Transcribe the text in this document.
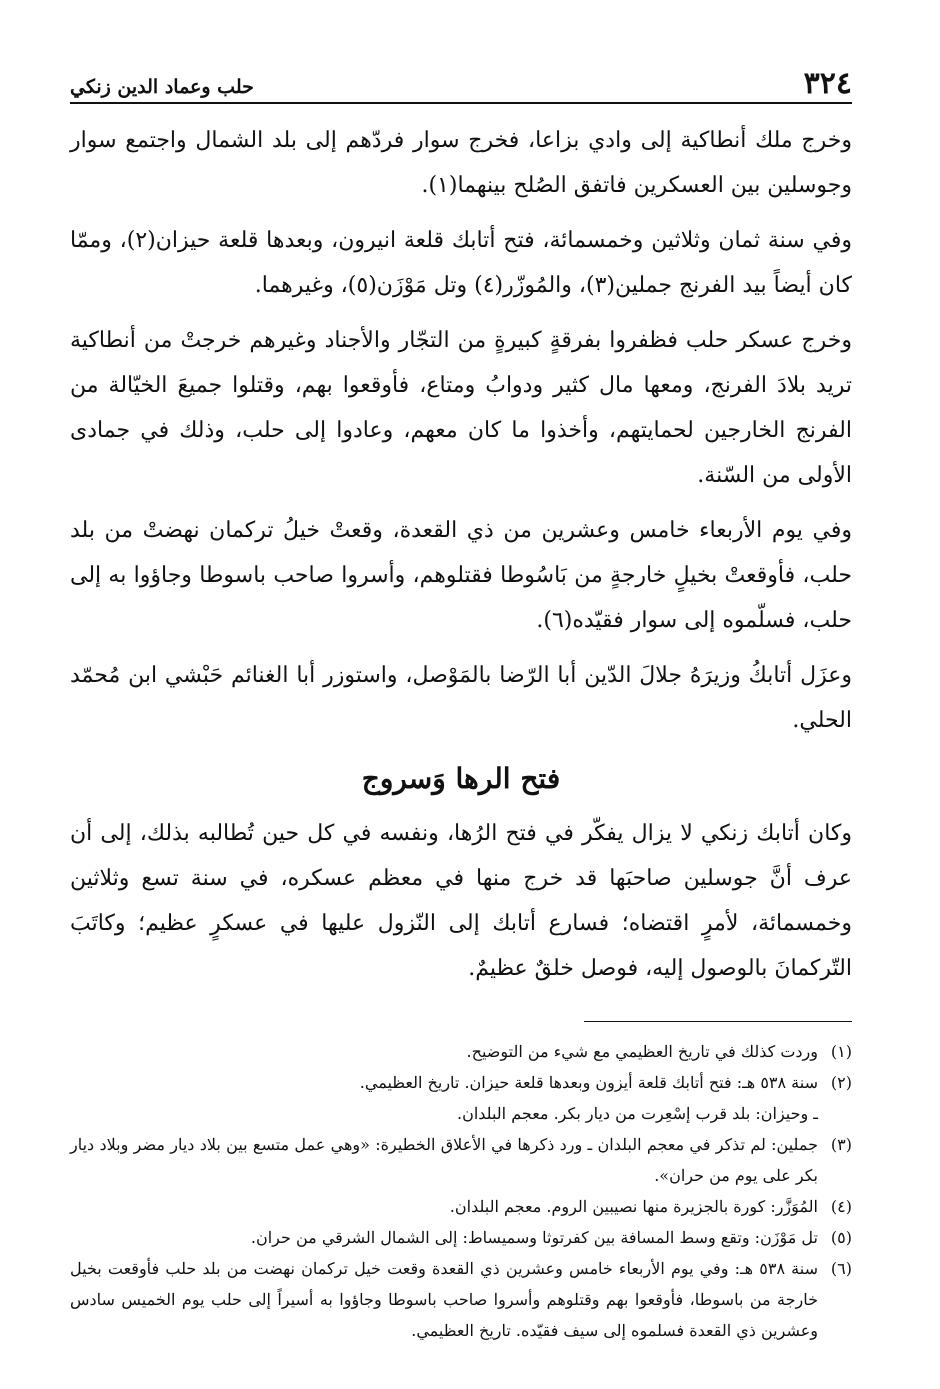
٣٢٤
حلب وعماد الدين زنكي

وخرج ملك أنطاكية إلى وادي بزاعا، فخرج سوار فردّهم إلى بلد الشمال واجتمع سوار وجوسلين بين العسكرين فاتفق الصُلح بينهما(١).

وفي سنة ثمان وثلاثين وخمسمائة، فتح أتابك قلعة انيرون، وبعدها قلعة حيزان(٢)، وممّا كان أيضاً بيد الفرنج جملين(٣)، والمُوزّر(٤) وتل مَوْزَن(٥)، وغيرهما.

وخرج عسكر حلب فظفروا بفرقةٍ كبيرةٍ من التجّار والأجناد وغيرهم خرجتْ من أنطاكية تريد بلادَ الفرنج، ومعها مال كثير ودوابُ ومتاع، فأوقعوا بهم، وقتلوا جميعَ الخيّالة من الفرنج الخارجين لحمايتهم، وأخذوا ما كان معهم، وعادوا إلى حلب، وذلك في جمادى الأولى من السّنة.

وفي يوم الأربعاء خامس وعشرين من ذي القعدة، وقعتْ خيلُ تركمان نهضتْ من بلد حلب، فأوقعتْ بخيلٍ خارجةٍ من بَاسُوطا فقتلوهم، وأسروا صاحب باسوطا وجاؤوا به إلى حلب، فسلّموه إلى سوار فقيّده(٦).

وعزَل أتابكُ وزيرَهُ جلالَ الدّين أبا الرّضا بالمَوْصل، واستوزر أبا الغنائم حَبْشي ابن مُحمّد الحلي.

فتح الرها وَسروج

وكان أتابك زنكي لا يزال يفكّر في فتح الرُها، ونفسه في كل حين تُطالبه بذلك، إلى أن عرف أنَّ جوسلين صاحبَها قد خرج منها في معظم عسكره، في سنة تسع وثلاثين وخمسمائة، لأمرٍ اقتضاه؛ فسارع أتابك إلى النّزول عليها في عسكرٍ عظيم؛ وكاتَبَ التّركمانَ بالوصول إليه، فوصل خلقٌ عظيمٌ.

(١)
وردت كذلك في تاريخ العظيمي مع شيء من التوضيح.
(٢)
سنة ٥٣٨ هـ: فتح أتابك قلعة أيزون وبعدها قلعة حيزان. تاريخ العظيمي.
ـ وحيزان: بلد قرب إسْعِرت من ديار بكر. معجم البلدان.
(٣)
جملين: لم تذكر في معجم البلدان ـ ورد ذكرها في الأعلاق الخطيرة: «وهي عمل متسع بين بلاد ديار مضر وبلاد ديار بكر على يوم من حران».
(٤)
المُوَزَّر: كورة بالجزيرة منها نصيبين الروم. معجم البلدان.
(٥)
تل مَوْزَن: وتقع وسط المسافة بين كفرتوثا وسميساط: إلى الشمال الشرقي من حران.
(٦)
سنة ٥٣٨ هـ: وفي يوم الأربعاء خامس وعشرين ذي القعدة وقعت خيل تركمان نهضت من بلد حلب فأوقعت بخيل خارجة من باسوطا، فأوقعوا بهم وقتلوهم وأسروا صاحب باسوطا وجاؤوا به أسيراً إلى حلب يوم الخميس سادس وعشرين ذي القعدة فسلموه إلى سيف فقيّده. تاريخ العظيمي.
